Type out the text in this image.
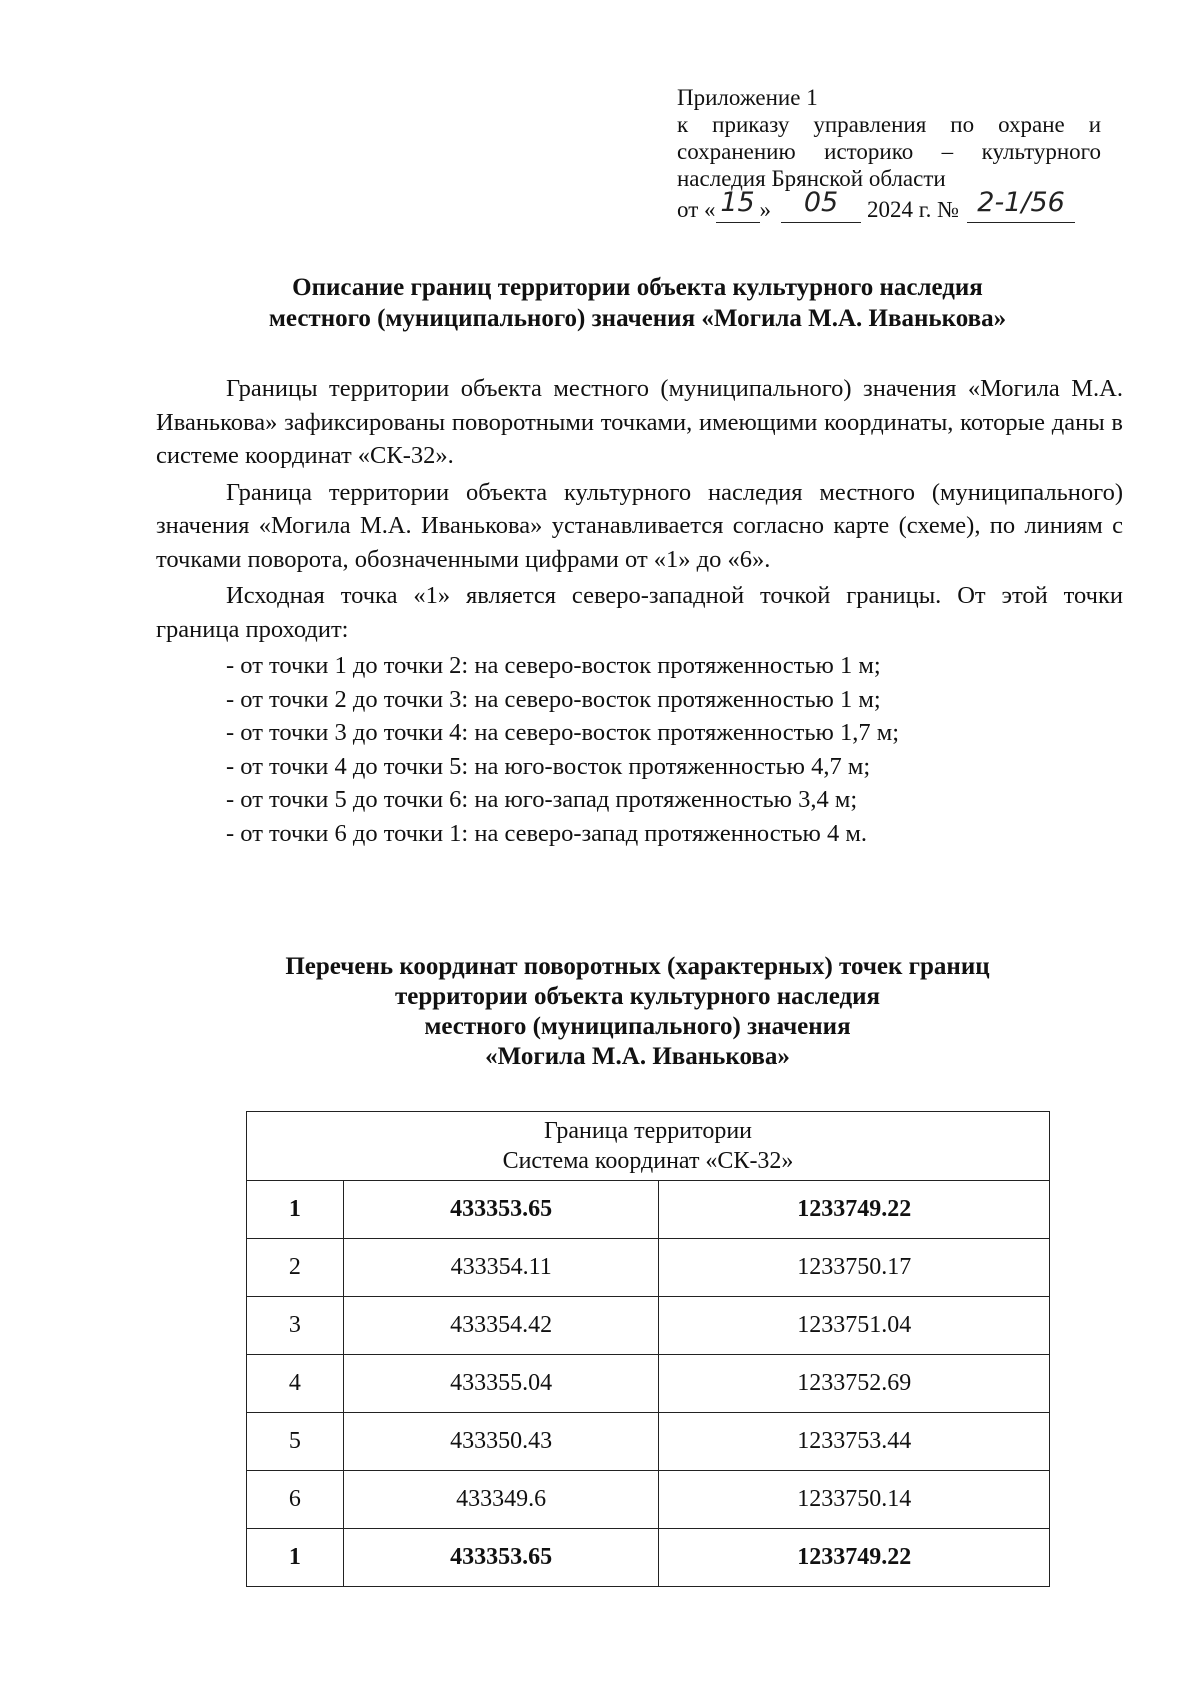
Приложение 1
к приказу управления по охране и
сохранению историко – культурного
наследия Брянской области
от « 15 »	05	2024 г. № 2-1/56
Описание границ территории объекта культурного наследия
местного (муниципального) значения «Могила М.А. Иванькова»

Границы территории объекта местного (муниципального) значения «Могила М.А. Иванькова» зафиксированы поворотными точками, имеющими координаты, которые даны в системе координат «СК-32».

Граница территории объекта культурного наследия местного (муниципального) значения «Могила М.А. Иванькова» устанавливается согласно карте (схеме), по линиям с точками поворота, обозначенными цифрами от «1» до «6».

Исходная точка «1» является северо-западной точкой границы. От этой точки граница проходит:

- от точки 1 до точки 2: на северо-восток протяженностью 1 м;
- от точки 2 до точки 3: на северо-восток протяженностью 1 м;
- от точки 3 до точки 4: на северо-восток протяженностью 1,7 м;
- от точки 4 до точки 5: на юго-восток протяженностью 4,7 м;
- от точки 5 до точки 6: на юго-запад протяженностью 3,4 м;
- от точки 6 до точки 1: на северо-запад протяженностью 4 м.
Перечень координат поворотных (характерных) точек границ
территории объекта культурного наследия
местного (муниципального) значения
«Могила М.А. Иванькова»
Граница территории
Система координат «СК-32»		

1	433353.65	1233749.22
2	433354.11	1233750.17
3	433354.42	1233751.04
4	433355.04	1233752.69
5	433350.43	1233753.44
6	433349.6	1233750.14
1	433353.65	1233749.22
